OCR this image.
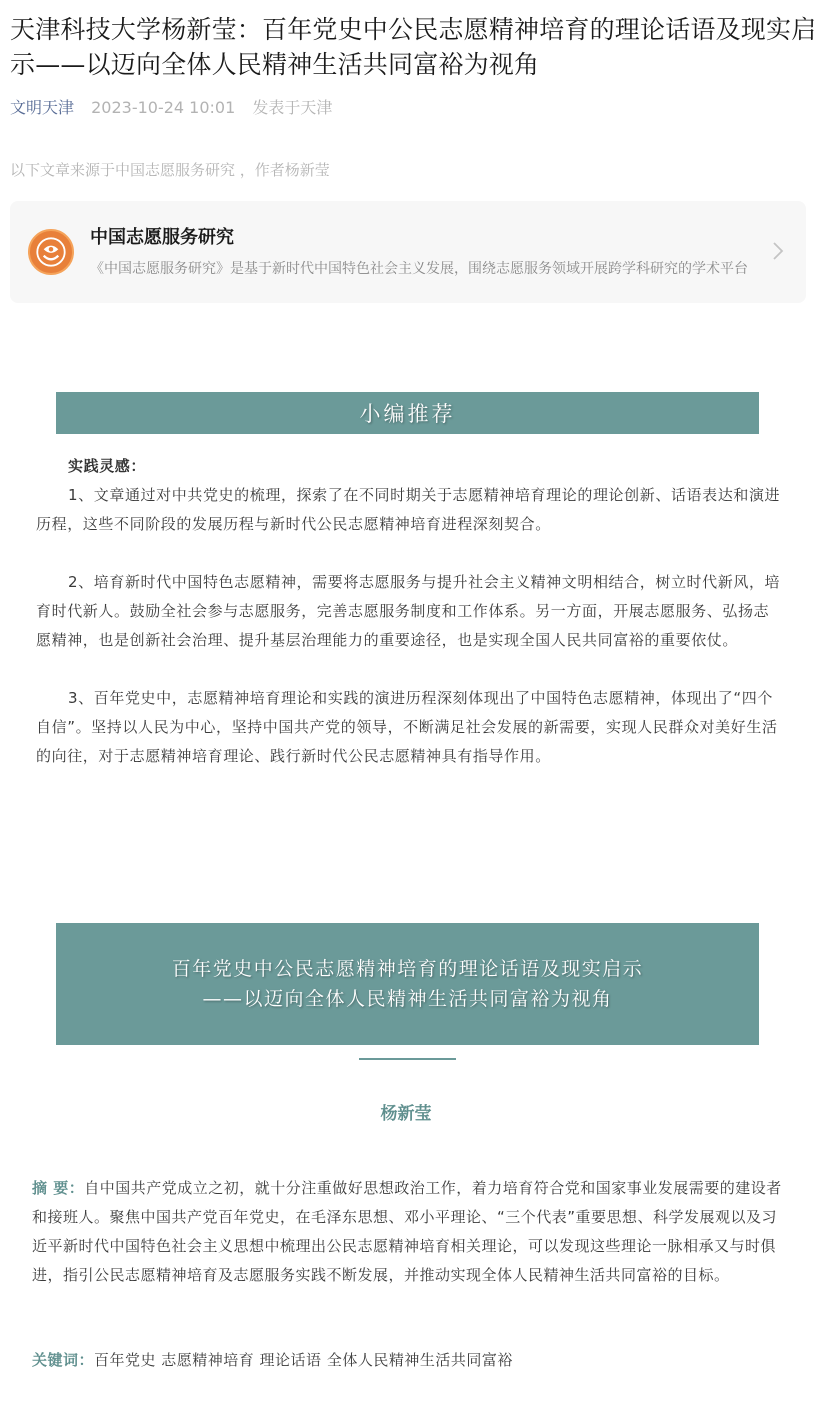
天津科技大学杨新莹：百年党史中公民志愿精神培育的理论话语及现实启示——以迈向全体人民精神生活共同富裕为视角
文明天津 2023-10-24 10:01 发表于天津
以下文章来源于中国志愿服务研究 ，作者杨新莹
中国志愿服务研究
《中国志愿服务研究》是基于新时代中国特色社会主义发展，围绕志愿服务领域开展跨学科研究的学术平台
小编推荐
实践灵感：

1、文章通过对中共党史的梳理，探索了在不同时期关于志愿精神培育理论的理论创新、话语表达和演进历程，这些不同阶段的发展历程与新时代公民志愿精神培育进程深刻契合。

2、培育新时代中国特色志愿精神，需要将志愿服务与提升社会主义精神文明相结合，树立时代新风，培育时代新人。鼓励全社会参与志愿服务，完善志愿服务制度和工作体系。另一方面，开展志愿服务、弘扬志愿精神，也是创新社会治理、提升基层治理能力的重要途径，也是实现全国人民共同富裕的重要依仗。

3、百年党史中，志愿精神培育理论和实践的演进历程深刻体现出了中国特色志愿精神，体现出了“四个自信”。坚持以人民为中心，坚持中国共产党的领导，不断满足社会发展的新需要，实现人民群众对美好生活的向往，对于志愿精神培育理论、践行新时代公民志愿精神具有指导作用。

百年党史中公民志愿精神培育的理论话语及现实启示
——以迈向全体人民精神生活共同富裕为视角
杨新莹
摘 要：自中国共产党成立之初，就十分注重做好思想政治工作，着力培育符合党和国家事业发展需要的建设者和接班人。聚焦中国共产党百年党史，在毛泽东思想、邓小平理论、“三个代表”重要思想、科学发展观以及习近平新时代中国特色社会主义思想中梳理出公民志愿精神培育相关理论，可以发现这些理论一脉相承又与时俱进，指引公民志愿精神培育及志愿服务实践不断发展，并推动实现全体人民精神生活共同富裕的目标。
关键词：百年党史 志愿精神培育 理论话语 全体人民精神生活共同富裕
